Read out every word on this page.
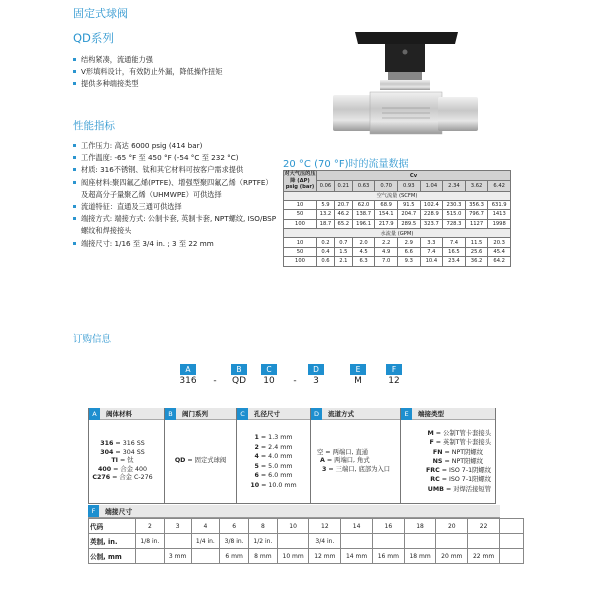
固定式球阀
QD系列
结构紧凑，流通能力强
V形填料设计，有效防止外漏，降低操作扭矩
提供多种端接类型
性能指标
工作压力: 高达 6000 psig (414 bar)
工作温度: -65 °F 至 450 °F (-54 °C 至 232 °C)
材质: 316不锈钢、钛和其它材料可按客户需求提供
阀座材料:聚四氟乙烯(PTFE)、增强型聚四氟乙烯（RPTFE）及超高分子量聚乙烯（UHMWPE）可供选择
流道特征：直通及三通可供选择
端接方式: 端接方式: 公制卡套, 英制卡套, NPT螺纹, ISO/BSP螺纹和焊接接头
端接尺寸: 1/16 至 3/4 in. ; 3 至 22 mm
20 °C (70 °F)时的流量数据
对大气压的压降 (ΔP) psig (bar)	Cv								
	0.06	0.21	0.63	0.70	0.93	1.04	2.34	3.62	6.42
空气流量 (SCFM)									
10	5.9	20.7	62.0	68.9	91.5	102.4	230.3	356.3	631.9
50	13.2	46.2	138.7	154.1	204.7	228.9	515.0	796.7	1413
100	18.7	65.2	196.1	217.9	289.5	323.7	728.3	1127	1998
水流量 (GPM)									
10	0.2	0.7	2.0	2.2	2.9	3.3	7.4	11.5	20.3
50	0.4	1.5	4.5	4.9	6.6	7.4	16.5	25.6	45.4
100	0.6	2.1	6.3	7.0	9.3	10.4	23.4	36.2	64.2
订购信息
A
316	-
B
QD
C
10	-
D
3
E
M
F
12
A	阀体材料
316 = 316 SS
304 = 304 SS
TI = 钛
400 = 合金 400
C276 = 合金 C-276
B	阀门系列
QD = 固定式球阀
C	孔径尺寸
1 = 1.3 mm
2 = 2.4 mm
4 = 4.0 mm
5 = 5.0 mm
6 = 6.0 mm
10 = 10.0 mm
D	流道方式
空 = 两端口, 直通
A = 两端口, 角式
3 = 三端口, 底部为入口
E	端接类型
M = 公制T管卡套接头
F = 英制T管卡套接头
FN = NPT阴螺纹
NS = NPT阳螺纹
FRC = ISO 7-1阴螺纹
RC = ISO 7-1阳螺纹
UMB = 对焊活接短管
F	端接尺寸
代码	2	3	4	6	8	10	12	14	16	18	20	22	
英制, in.	1/8 in.		1/4 in.	3/8 in.	1/2 in.		3/4 in.						
公制, mm		3 mm		6 mm	8 mm	10 mm	12 mm	14 mm	16 mm	18 mm	20 mm	22 mm	
